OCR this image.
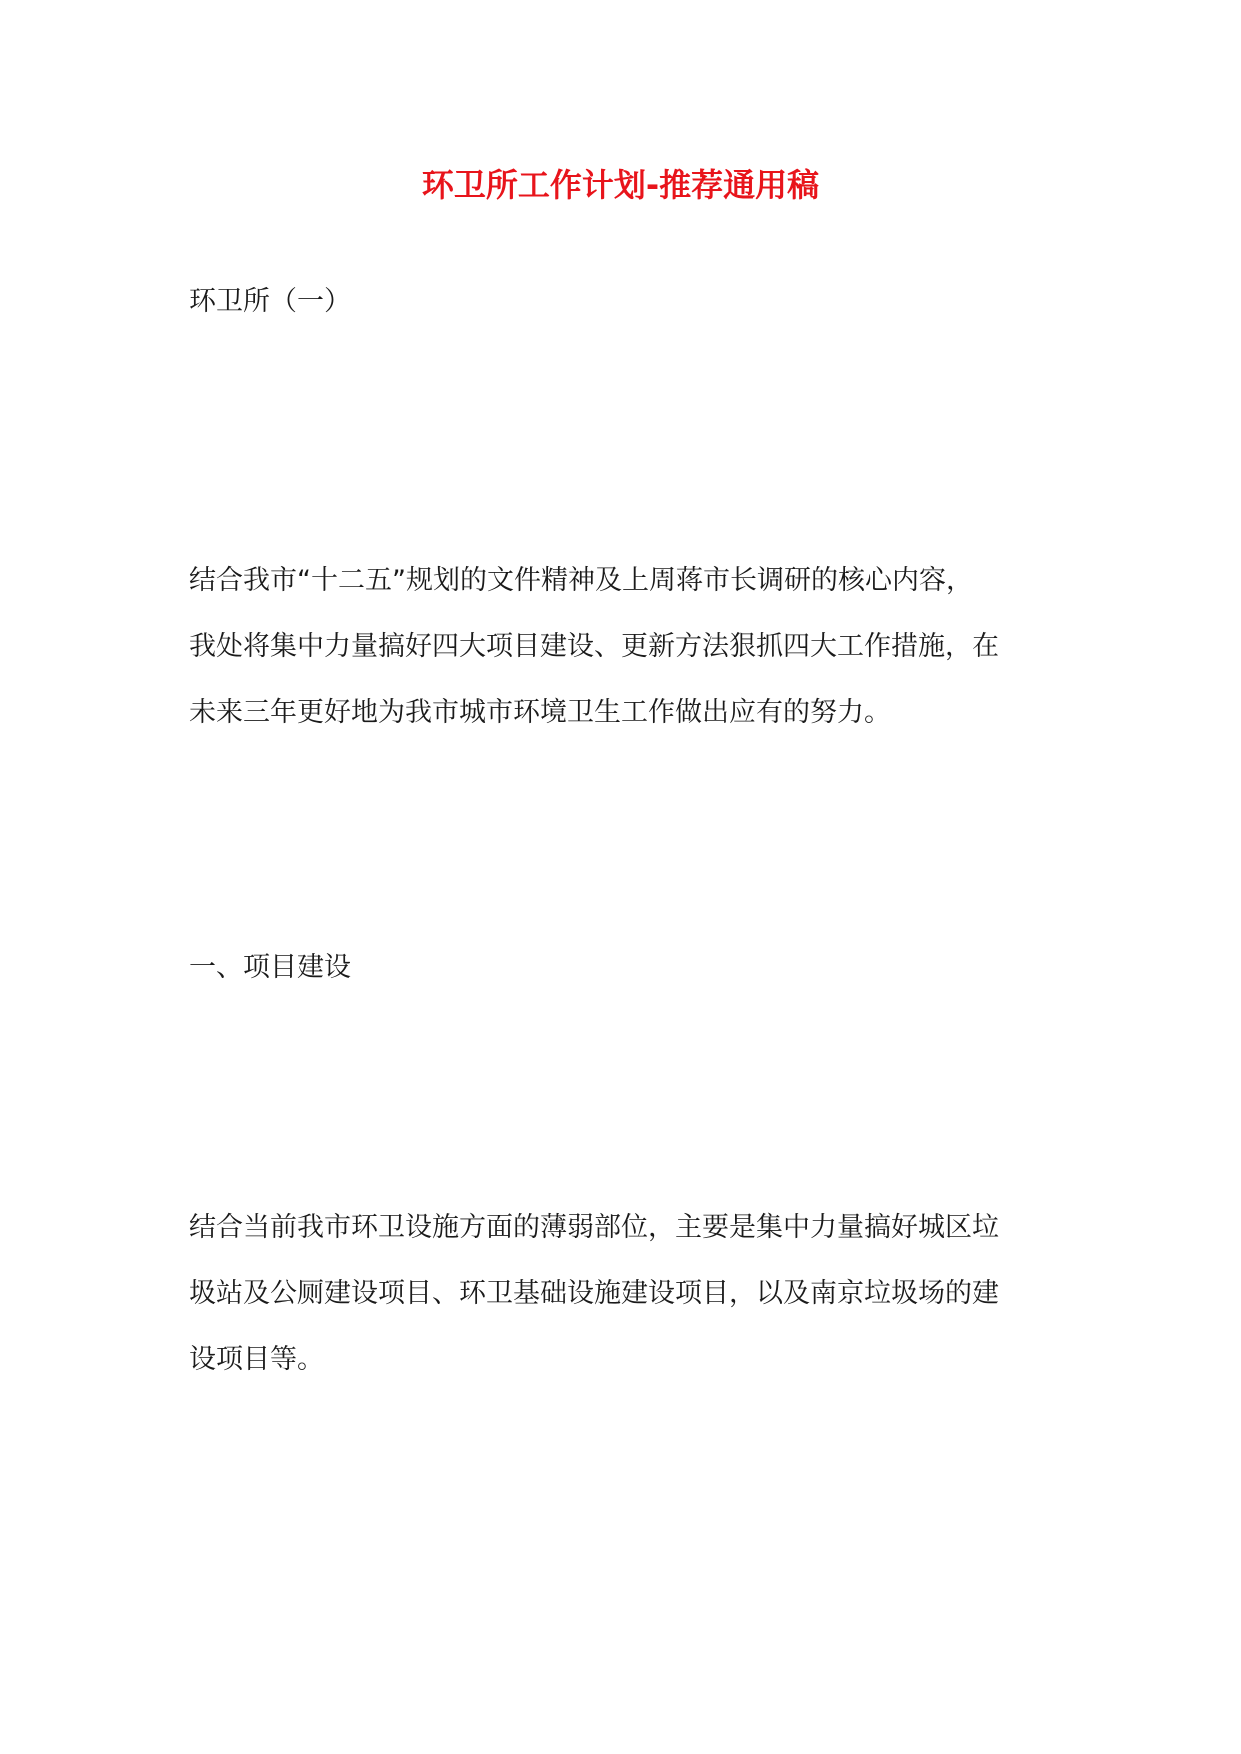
环卫所工作计划-推荐通用稿

环卫所（一）

结合我市“十二五”规划的文件精神及上周蒋市长调研的核心内容，
我处将集中力量搞好四大项目建设、更新方法狠抓四大工作措施，在
未来三年更好地为我市城市环境卫生工作做出应有的努力。

一、项目建设

结合当前我市环卫设施方面的薄弱部位，主要是集中力量搞好城区垃
圾站及公厕建设项目、环卫基础设施建设项目，以及南京垃圾场的建
设项目等。
